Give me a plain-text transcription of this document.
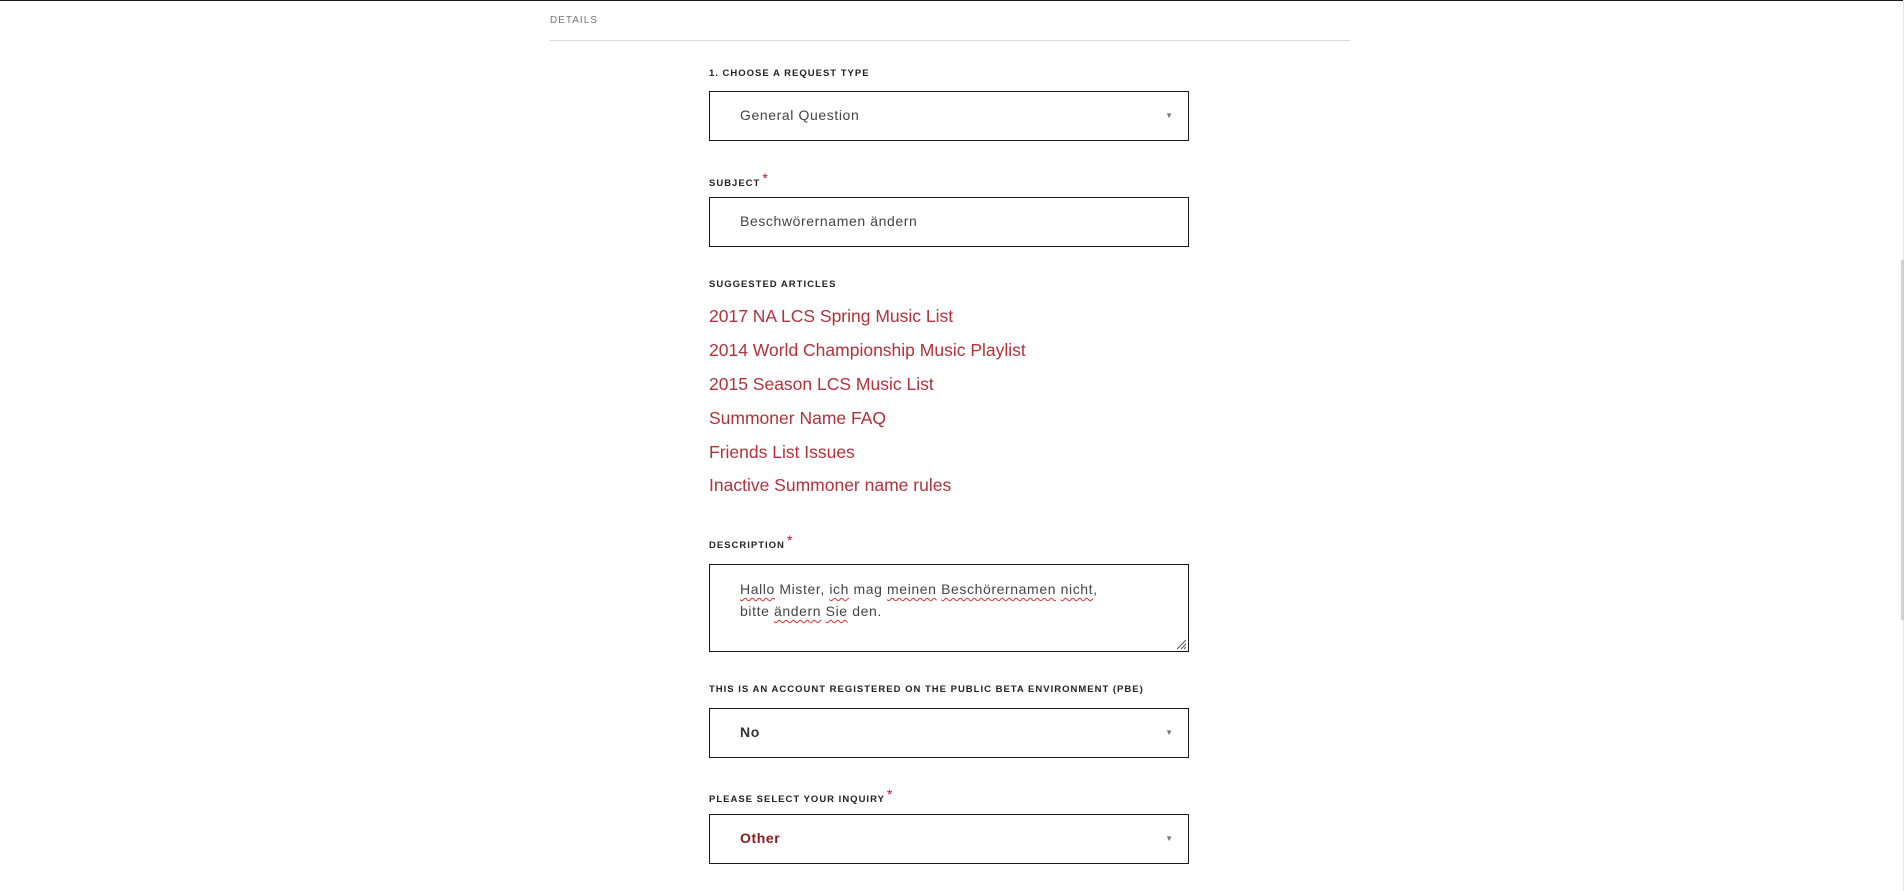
DETAILS
1. CHOOSE A REQUEST TYPE
General Question	▼
SUBJECT *
Beschwörernamen ändern
SUGGESTED ARTICLES
2017 NA LCS Spring Music List
2014 World Championship Music Playlist
2015 Season LCS Music List
Summoner Name FAQ
Friends List Issues
Inactive Summoner name rules
DESCRIPTION *
Hallo Mister, ich mag meinen Beschörernamen nicht,
bitte ändern Sie den.
THIS IS AN ACCOUNT REGISTERED ON THE PUBLIC BETA ENVIRONMENT (PBE)
No	▼
PLEASE SELECT YOUR INQUIRY *
Other	▼
